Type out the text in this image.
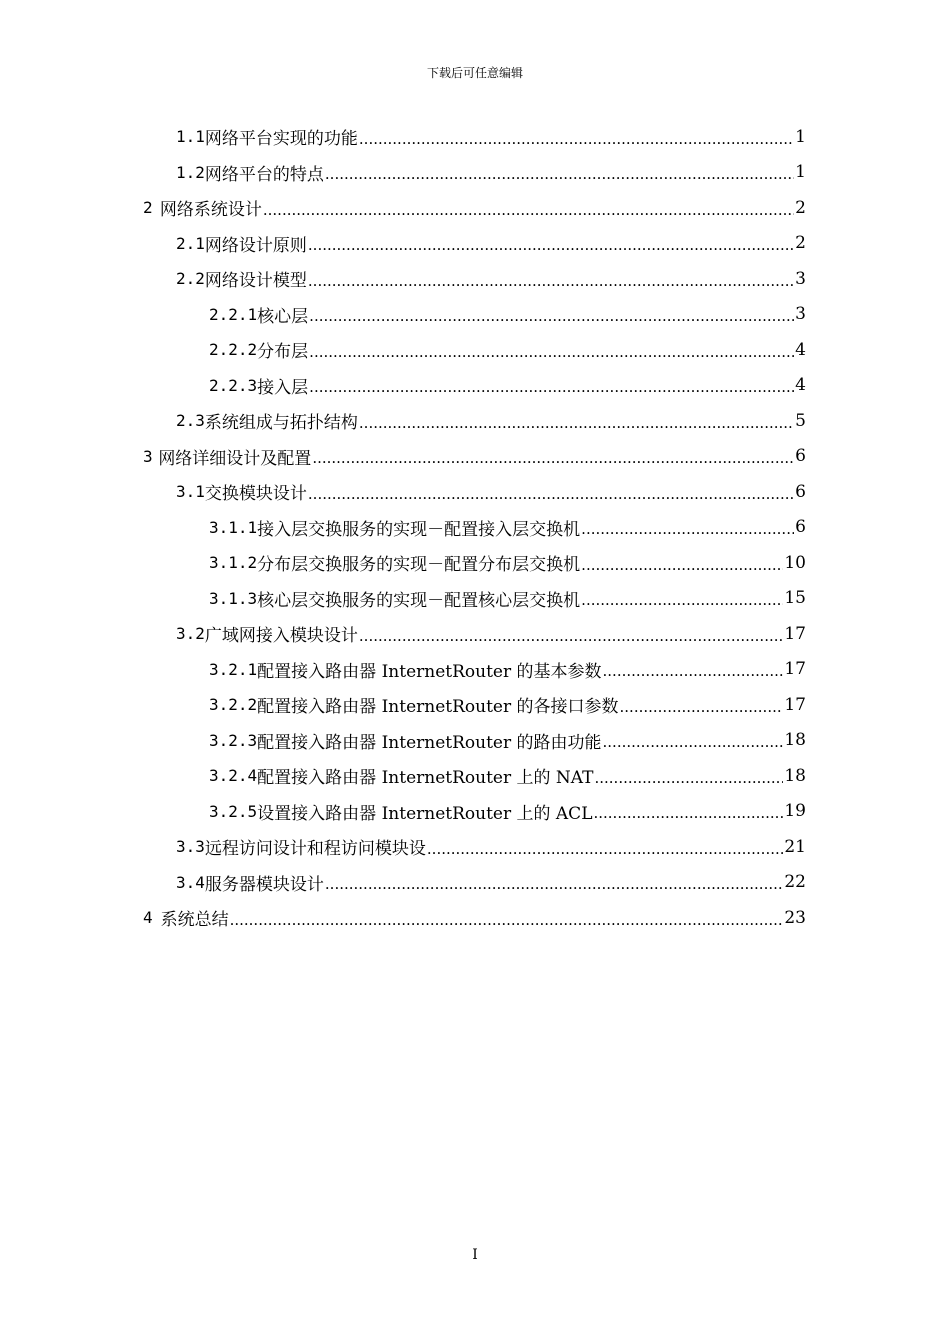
下载后可任意编辑
1.1 网络平台实现的功能 .....	1
1.2 网络平台的特点 .....	1
2 网络系统设计 .....	2
2.1 网络设计原则 .....	2
2.2 网络设计模型 .....	3
2.2.1 核心层 .....	3
2.2.2 分布层 .....	4
2.2.3 接入层 .....	4
2.3 系统组成与拓扑结构 .....	5
3 网络详细设计及配置 .....	6
3.1 交换模块设计 .....	6
3.1.1 接入层交换服务的实现－配置接入层交换机 .....	6
3.1.2 分布层交换服务的实现－配置分布层交换机 .....	10
3.1.3 核心层交换服务的实现－配置核心层交换机 .....	15
3.2 广域网接入模块设计 .....	17
3.2.1 配置接入路由器 InternetRouter 的基本参数 .....	17
3.2.2 配置接入路由器 InternetRouter 的各接口参数 .....	17
3.2.3 配置接入路由器 InternetRouter 的路由功能 .....	18
3.2.4 配置接入路由器 InternetRouter 上的 NAT .....	18
3.2.5 设置接入路由器 InternetRouter 上的 ACL .....	19
3.3 远程访问设计和程访问模块设 .....	21
3.4 服务器模块设计 .....	22
4 系统总结 .....	23
I
